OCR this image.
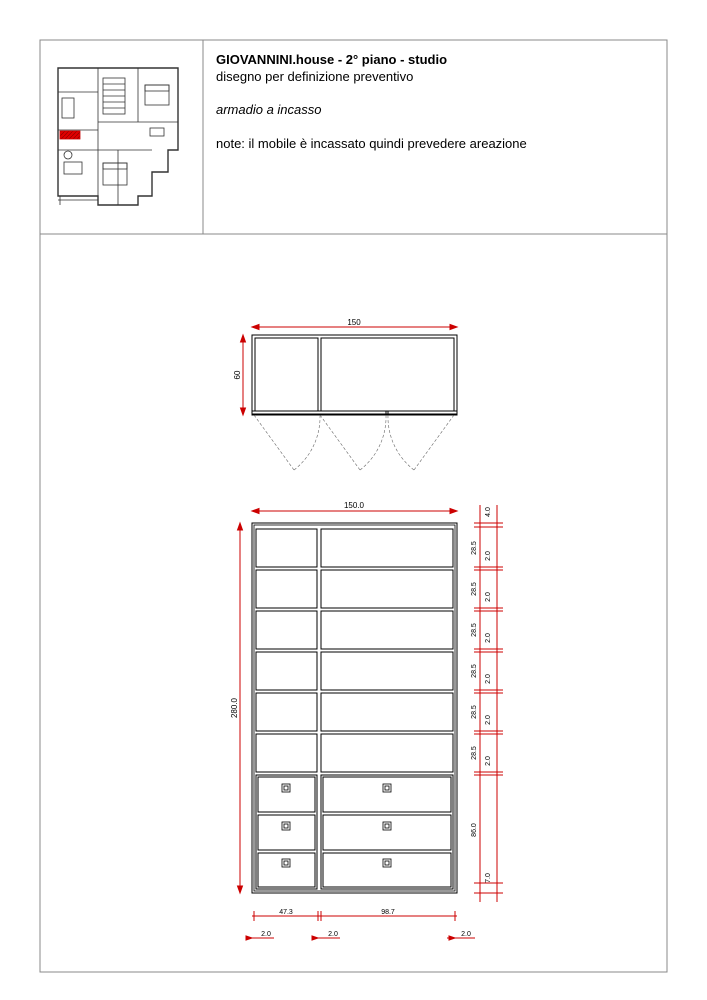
150
60
150.0
280.0
4.0
28.5
2.0
28.5
2.0
28.5
2.0
28.5
2.0
28.5
2.0
28.5
2.0
86.0
7.0
47.3	98.7
2.0	2.0	2.0
GIOVANNINI.house - 2° piano - studio
disegno per definizione preventivo
armadio a incasso
note: il mobile è incassato quindi prevedere areazione
